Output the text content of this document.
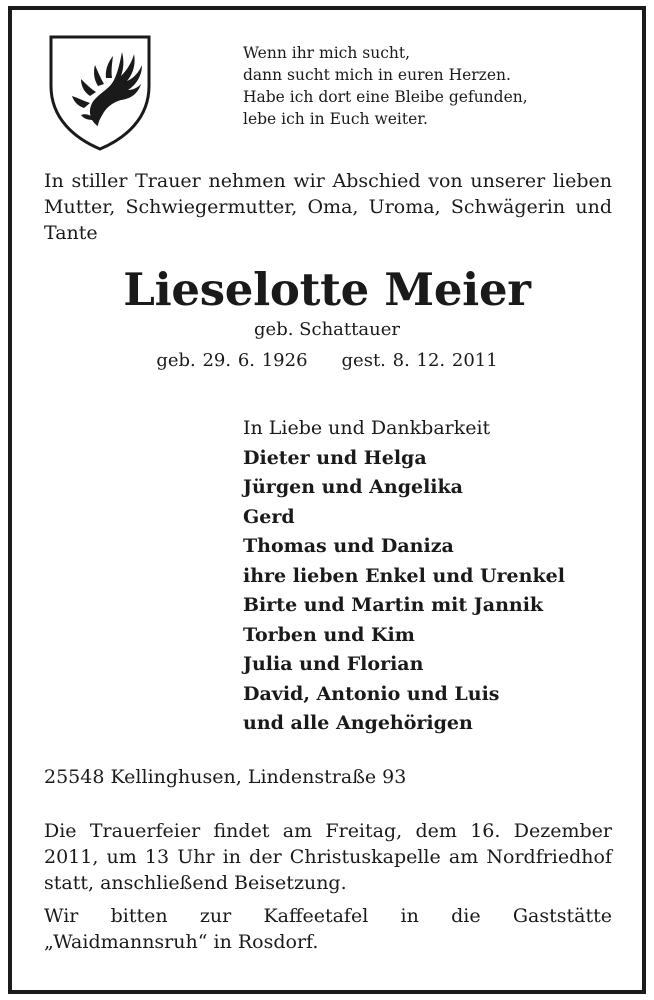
Wenn ihr mich sucht,
dann sucht mich in euren Herzen.
Habe ich dort eine Bleibe gefunden,
lebe ich in Euch weiter.

In stiller Trauer nehmen wir Abschied von unserer lieben Mutter, Schwiegermutter, Oma, Uroma, Schwägerin und Tante

Lieselotte Meier
geb. Schattauer
geb. 29. 6. 1926 gest. 8. 12. 2011
In Liebe und Dankbarkeit
Dieter und Helga
Jürgen und Angelika
Gerd
Thomas und Daniza
ihre lieben Enkel und Urenkel
Birte und Martin mit Jannik
Torben und Kim
Julia und Florian
David, Antonio und Luis
und alle Angehörigen
25548 Kellinghusen, Lindenstraße 93

Die Trauerfeier findet am Freitag, dem 16. Dezember 2011, um 13 Uhr in der Christuskapelle am Nordfriedhof statt, anschließend Beisetzung.

Wir bitten zur Kaffeetafel in die Gaststätte „Waidmannsruh“ in Rosdorf.
